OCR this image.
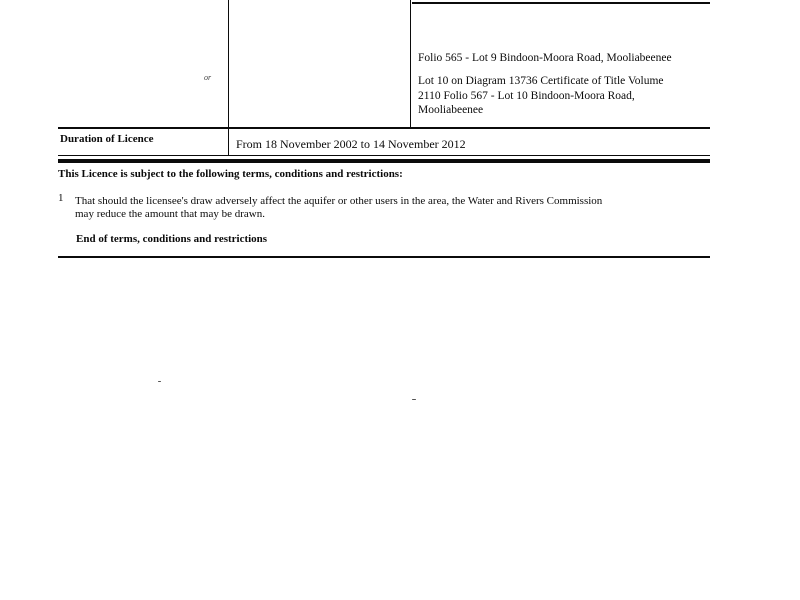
or
Folio 565 - Lot 9 Bindoon-Moora Road, Mooliabeenee
Lot 10 on Diagram 13736 Certificate of Title Volume
2110 Folio 567 - Lot 10 Bindoon-Moora Road,
Mooliabeenee
Duration of Licence	From 18 November 2002 to 14 November 2012
This Licence is subject to the following terms, conditions and restrictions:
1 That should the licensee's draw adversely affect the aquifer or other users in the area, the Water and Rivers Commission
may reduce the amount that may be drawn.
End of terms, conditions and restrictions
